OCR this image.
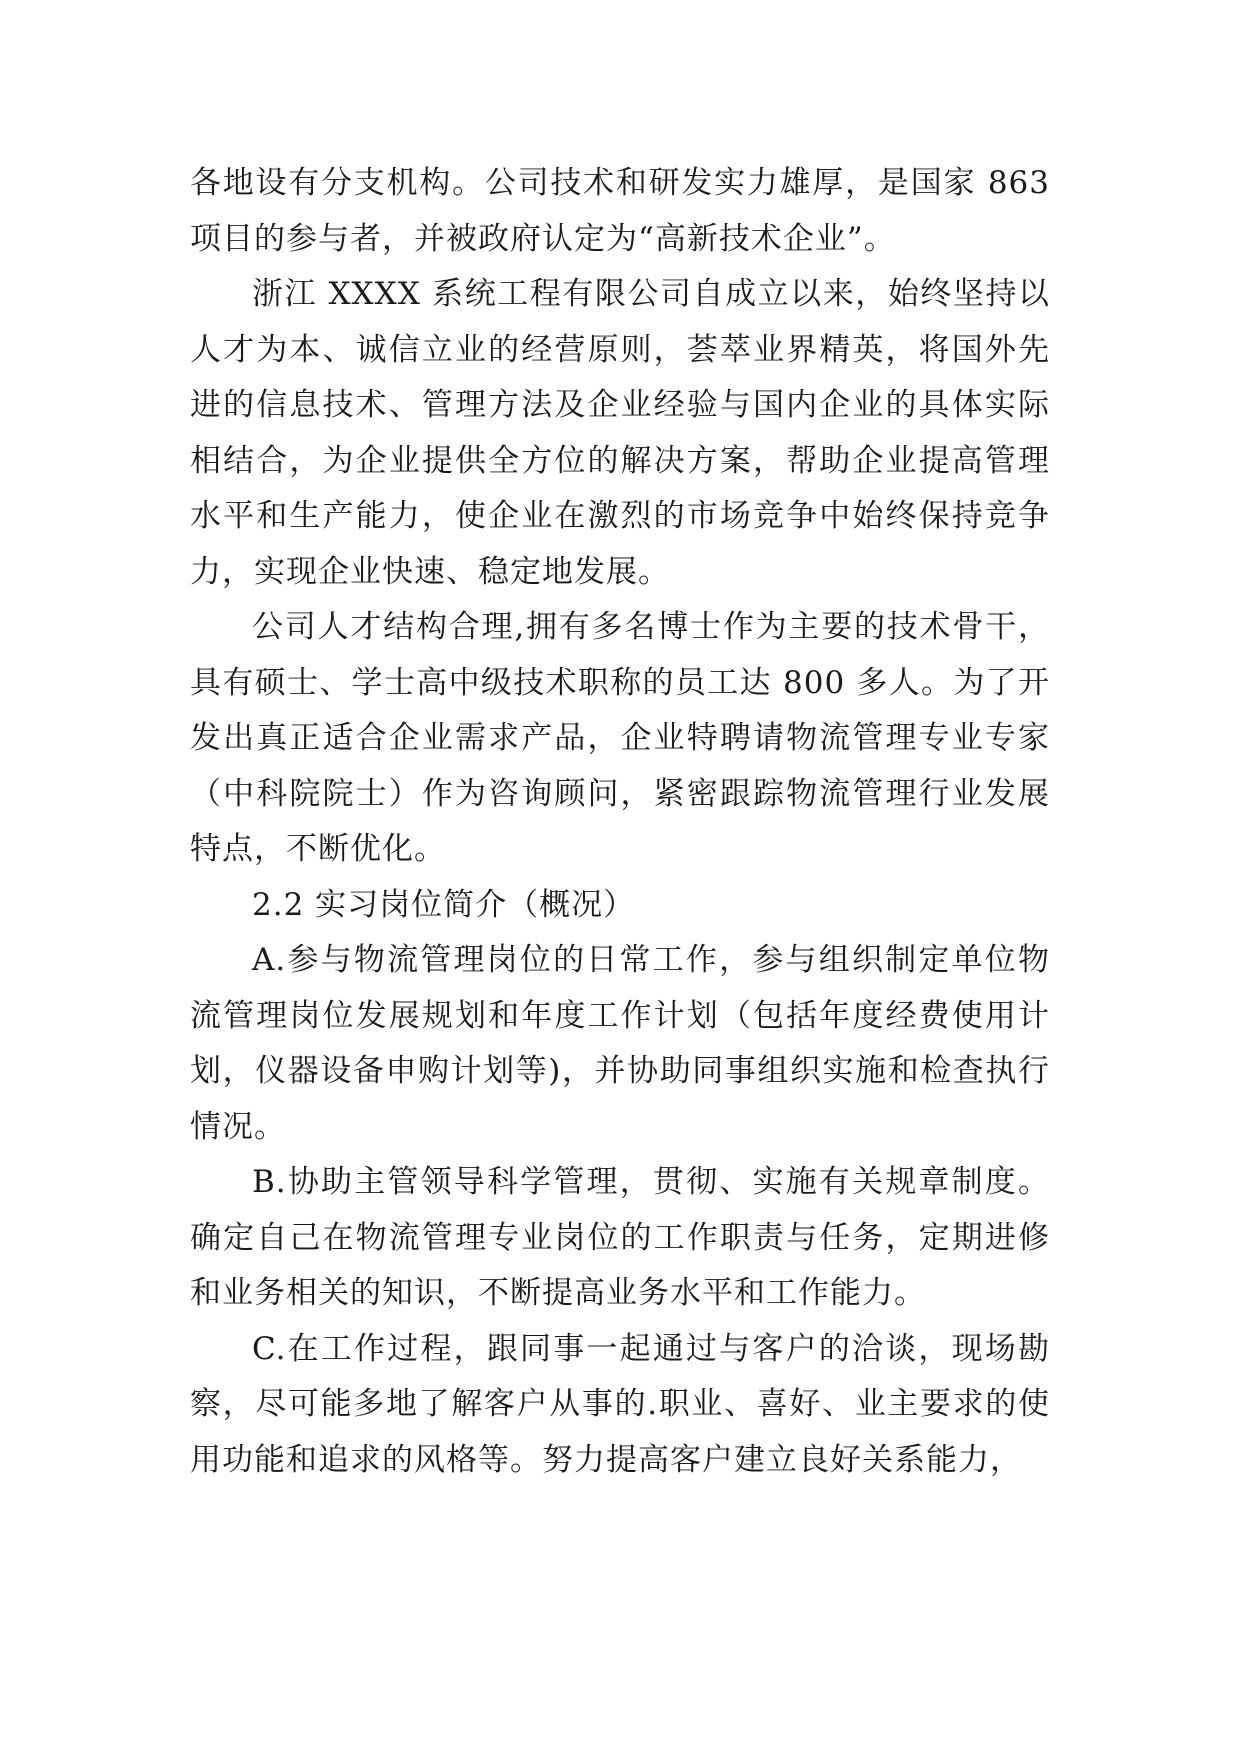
各地设有分支机构。公司技术和研发实力雄厚，是国家 863 项目的参与者，并被政府认定为“高新技术企业”。

浙江 XXXX 系统工程有限公司自成立以来，始终坚持以人才为本、诚信立业的经营原则，荟萃业界精英，将国外先进的信息技术、管理方法及企业经验与国内企业的具体实际相结合，为企业提供全方位的解决方案，帮助企业提高管理水平和生产能力，使企业在激烈的市场竞争中始终保持竞争力，实现企业快速、稳定地发展。

公司人才结构合理,拥有多名博士作为主要的技术骨干，具有硕士、学士高中级技术职称的员工达 800 多人。为了开发出真正适合企业需求产品，企业特聘请物流管理专业专家（中科院院士）作为咨询顾问，紧密跟踪物流管理行业发展特点，不断优化。

2.2 实习岗位简介（概况）

A.参与物流管理岗位的日常工作，参与组织制定单位物流管理岗位发展规划和年度工作计划（包括年度经费使用计划，仪器设备申购计划等)，并协助同事组织实施和检查执行情况。

B.协助主管领导科学管理，贯彻、实施有关规章制度。确定自己在物流管理专业岗位的工作职责与任务，定期进修和业务相关的知识，不断提高业务水平和工作能力。

C.在工作过程，跟同事一起通过与客户的洽谈，现场勘察，尽可能多地了解客户从事的.职业、喜好、业主要求的使用功能和追求的风格等。努力提高客户建立良好关系能力，
